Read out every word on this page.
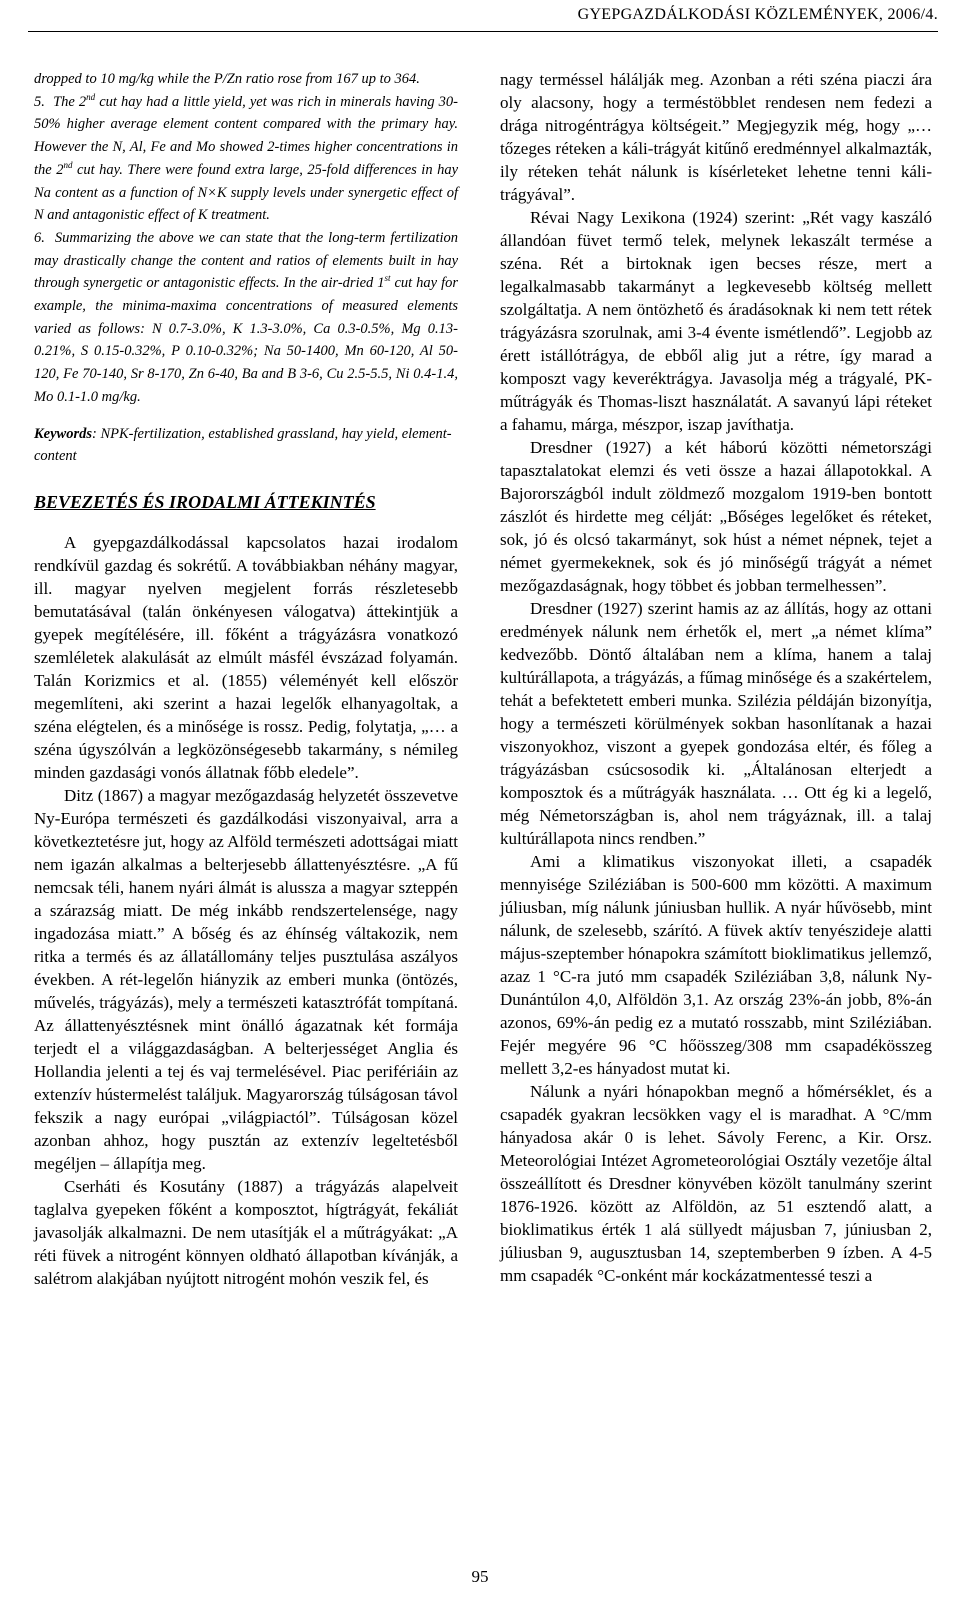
GYEPGAZDÁLKODÁSI KÖZLEMÉNYEK, 2006/4.

dropped to 10 mg/kg while the P/Zn ratio rose from 167 up to 364.

5. The 2nd cut hay had a little yield, yet was rich in minerals having 30-50% higher average element content compared with the primary hay. However the N, Al, Fe and Mo showed 2-times higher concentrations in the 2nd cut hay. There were found extra large, 25-fold differences in hay Na content as a function of N×K supply levels under synergetic effect of N and antagonistic effect of K treatment.

6. Summarizing the above we can state that the long-term fertilization may drastically change the content and ratios of elements built in hay through synergetic or antagonistic effects. In the air-dried 1st cut hay for example, the minima-maxima concentrations of measured elements varied as follows: N 0.7-3.0%, K 1.3-3.0%, Ca 0.3-0.5%, Mg 0.13-0.21%, S 0.15-0.32%, P 0.10-0.32%; Na 50-1400, Mn 60-120, Al 50-120, Fe 70-140, Sr 8-170, Zn 6-40, Ba and B 3-6, Cu 2.5-5.5, Ni 0.4-1.4, Mo 0.1-1.0 mg/kg.

Keywords: NPK-fertilization, established grassland, hay yield, element-content
BEVEZETÉS ÉS IRODALMI ÁTTEKINTÉS

A gyepgazdálkodással kapcsolatos hazai irodalom rendkívül gazdag és sokrétű. A továbbiakban néhány magyar, ill. magyar nyelven megjelent forrás részletesebb bemutatásával (talán önkényesen válogatva) áttekintjük a gyepek megítélésére, ill. főként a trágyázásra vonatkozó szemléletek alakulását az elmúlt másfél évszázad folyamán. Talán Korizmics et al. (1855) véleményét kell először megemlíteni, aki szerint a hazai legelők elhanyagoltak, a széna elégtelen, és a minősége is rossz. Pedig, folytatja, „… a széna úgyszólván a legközönségesebb takarmány, s némileg minden gazdasági vonós állatnak főbb eledele”.

Ditz (1867) a magyar mezőgazdaság helyzetét összevetve Ny-Európa természeti és gazdálkodási viszonyaival, arra a következtetésre jut, hogy az Alföld természeti adottságai miatt nem igazán alkalmas a belterjesebb állattenyésztésre. „A fű nemcsak téli, hanem nyári álmát is alussza a magyar szteppén a szárazság miatt. De még inkább rendszertelensége, nagy ingadozása miatt.” A bőség és az éhínség váltakozik, nem ritka a termés és az állatállomány teljes pusztulása aszályos években. A rét-legelőn hiányzik az emberi munka (öntözés, művelés, trágyázás), mely a természeti katasztrófát tompítaná. Az állattenyésztésnek mint önálló ágazatnak két formája terjedt el a világgazdaságban. A belterjességet Anglia és Hollandia jelenti a tej és vaj termelésével. Piac perifériáin az extenzív hústermelést találjuk. Magyarország túlságosan távol fekszik a nagy európai „világpiactól”. Túlságosan közel azonban ahhoz, hogy pusztán az extenzív legeltetésből megéljen – állapítja meg.

Cserháti és Kosutány (1887) a trágyázás alapelveit taglalva gyepeken főként a komposztot, hígtrágyát, fekáliát javasolják alkalmazni. De nem utasítják el a műtrágyákat: „A réti füvek a nitrogént könnyen oldható állapotban kívánják, a salétrom alakjában nyújtott nitrogént mohón veszik fel, és

nagy terméssel hálálják meg. Azonban a réti széna piaczi ára oly alacsony, hogy a terméstöbblet rendesen nem fedezi a drága nitrogéntrágya költségeit.” Megjegyzik még, hogy „…tőzeges réteken a káli-trágyát kitűnő eredménnyel alkalmazták, ily réteken tehát nálunk is kísérleteket lehetne tenni káli-trágyával”.

Révai Nagy Lexikona (1924) szerint: „Rét vagy kaszáló állandóan füvet termő telek, melynek lekaszált termése a széna. Rét a birtoknak igen becses része, mert a legalkalmasabb takarmányt a legkevesebb költség mellett szolgáltatja. A nem öntözhető és áradásoknak ki nem tett rétek trágyázásra szorulnak, ami 3-4 évente ismétlendő”. Legjobb az érett istállótrágya, de ebből alig jut a rétre, így marad a komposzt vagy keveréktrágya. Javasolja még a trágyalé, PK-műtrágyák és Thomas-liszt használatát. A savanyú lápi réteket a fahamu, márga, mészpor, iszap javíthatja.

Dresdner (1927) a két háború közötti németországi tapasztalatokat elemzi és veti össze a hazai állapotokkal. A Bajorországból indult zöldmező mozgalom 1919-ben bontott zászlót és hirdette meg célját: „Bőséges legelőket és réteket, sok, jó és olcsó takarmányt, sok húst a német népnek, tejet a német gyermekeknek, sok és jó minőségű trágyát a német mezőgazdaságnak, hogy többet és jobban termelhessen”.

Dresdner (1927) szerint hamis az az állítás, hogy az ottani eredmények nálunk nem érhetők el, mert „a német klíma” kedvezőbb. Döntő általában nem a klíma, hanem a talaj kultúrállapota, a trágyázás, a fűmag minősége és a szakértelem, tehát a befektetett emberi munka. Szilézia példáján bizonyítja, hogy a természeti körülmények sokban hasonlítanak a hazai viszonyokhoz, viszont a gyepek gondozása eltér, és főleg a trágyázásban csúcsosodik ki. „Általánosan elterjedt a komposztok és a műtrágyák használata. … Ott ég ki a legelő, még Németországban is, ahol nem trágyáznak, ill. a talaj kultúrállapota nincs rendben.”

Ami a klimatikus viszonyokat illeti, a csapadék mennyisége Sziléziában is 500-600 mm közötti. A maximum júliusban, míg nálunk júniusban hullik. A nyár hűvösebb, mint nálunk, de szelesebb, szárító. A füvek aktív tenyészideje alatti május-szeptember hónapokra számított bioklimatikus jellemző, azaz 1 °C-ra jutó mm csapadék Sziléziában 3,8, nálunk Ny-Dunántúlon 4,0, Alföldön 3,1. Az ország 23%-án jobb, 8%-án azonos, 69%-án pedig ez a mutató rosszabb, mint Sziléziában. Fejér megyére 96 °C hőösszeg/308 mm csapadékösszeg mellett 3,2-es hányadost mutat ki.

Nálunk a nyári hónapokban megnő a hőmérséklet, és a csapadék gyakran lecsökken vagy el is maradhat. A °C/mm hányadosa akár 0 is lehet. Sávoly Ferenc, a Kir. Orsz. Meteorológiai Intézet Agrometeorológiai Osztály vezetője által összeállított és Dresdner könyvében közölt tanulmány szerint 1876-1926. között az Alföldön, az 51 esztendő alatt, a bioklimatikus érték 1 alá süllyedt májusban 7, júniusban 2, júliusban 9, augusztusban 14, szeptemberben 9 ízben. A 4-5 mm csapadék °C-onként már kockázatmentessé teszi a

95
